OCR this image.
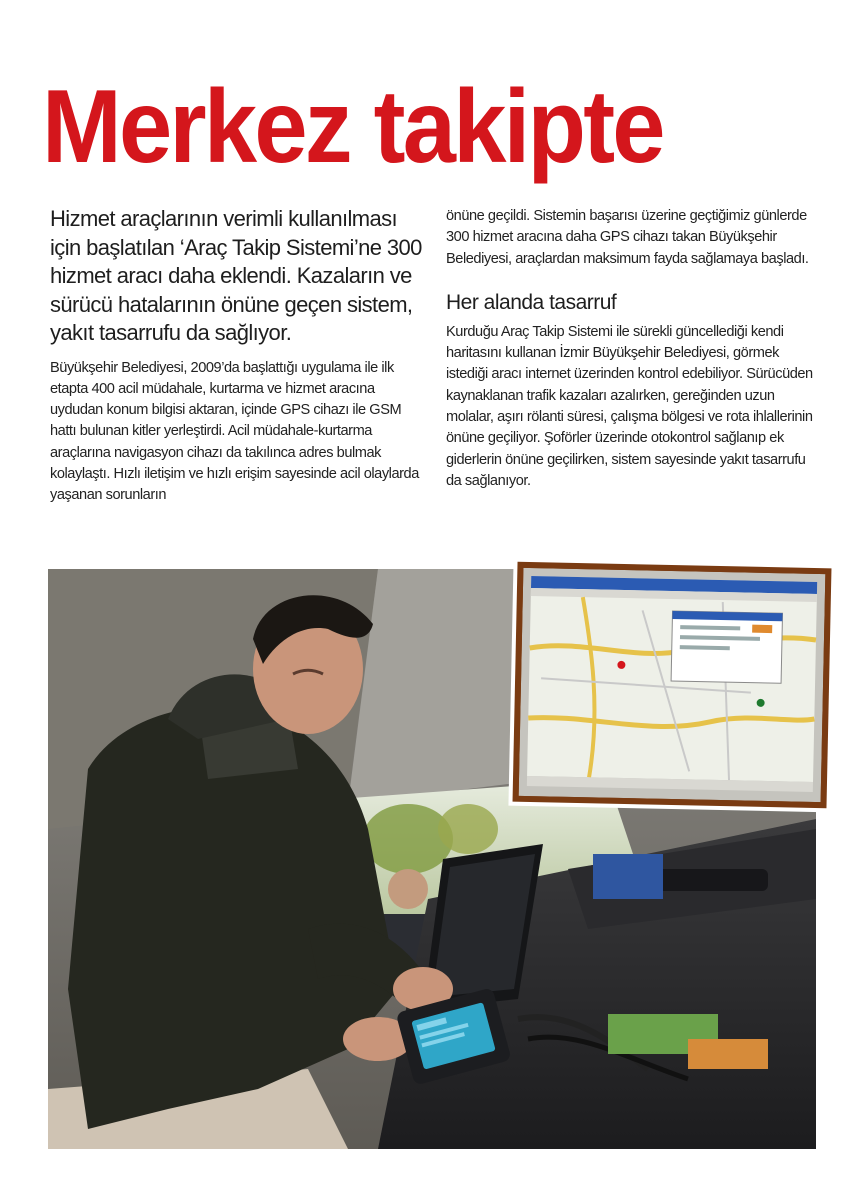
Merkez takipte

Hizmet araçlarının verimli kullanılması için başlatılan ‘Araç Takip Sistemi’ne 300 hizmet aracı daha eklendi. Kazaların ve sürücü hatalarının önüne geçen sistem, yakıt tasarrufu da sağlıyor.

Büyükşehir Belediyesi, 2009’da başlattığı uygulama ile ilk etapta 400 acil müdahale, kurtarma ve hizmet aracına uydudan konum bilgisi aktaran, içinde GPS cihazı ile GSM hattı bulunan kitler yerleştirdi. Acil müdahale-kurtarma araçlarına navigasyon cihazı da takılınca adres bulmak kolaylaştı. Hızlı iletişim ve hızlı erişim sayesinde acil olaylarda yaşanan sorunların

önüne geçildi. Sistemin başarısı üzerine geçtiğimiz günlerde 300 hizmet aracına daha GPS cihazı takan Büyükşehir Belediyesi, araçlardan maksimum fayda sağlamaya başladı.

Her alanda tasarruf

Kurduğu Araç Takip Sistemi ile sürekli güncellediği kendi haritasını kullanan İzmir Büyükşehir Belediyesi, görmek istediği aracı internet üzerinden kontrol edebiliyor. Sürücüden kaynaklanan trafik kazaları azalırken, gereğinden uzun molalar, aşırı rölanti süresi, çalışma bölgesi ve rota ihlallerinin önüne geçiliyor. Şoförler üzerinde otokontrol sağlanıp ek giderlerin önüne geçilirken, sistem sayesinde yakıt tasarrufu da sağlanıyor.
